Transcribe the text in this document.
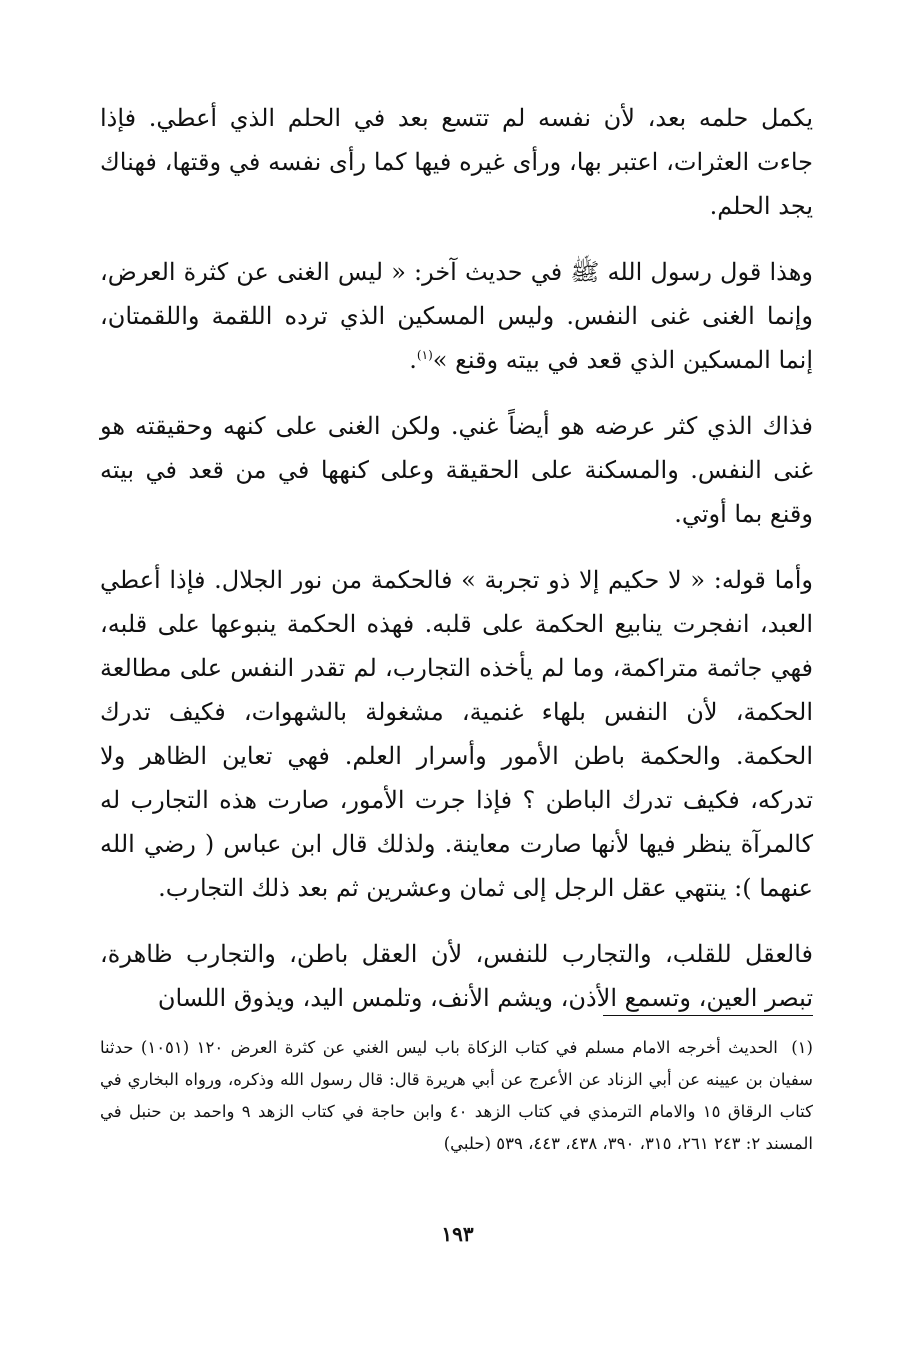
يكمل حلمه بعد، لأن نفسه لم تتسع بعد في الحلم الذي أعطي. فإذا جاءت العثرات، اعتبر بها، ورأى غيره فيها كما رأى نفسه في وقتها، فهناك يجد الحلم.

وهذا قول رسول الله ﷺ في حديث آخر: « ليس الغنى عن كثرة العرض، وإنما الغنى غنى النفس. وليس المسكين الذي ترده اللقمة واللقمتان، إنما المسكين الذي قعد في بيته وقنع »$^{(١)}$.

فذاك الذي كثر عرضه هو أيضاً غني. ولكن الغنى على كنهه وحقيقته هو غنى النفس. والمسكنة على الحقيقة وعلى كنهها في من قعد في بيته وقنع بما أوتي.

وأما قوله: « لا حكيم إلا ذو تجربة » فالحكمة من نور الجلال. فإذا أعطي العبد، انفجرت ينابيع الحكمة على قلبه. فهذه الحكمة ينبوعها على قلبه، فهي جاثمة متراكمة، وما لم يأخذه التجارب، لم تقدر النفس على مطالعة الحكمة، لأن النفس بلهاء غنمية، مشغولة بالشهوات، فكيف تدرك الحكمة. والحكمة باطن الأمور وأسرار العلم. فهي تعاين الظاهر ولا تدركه، فكيف تدرك الباطن ؟ فإذا جرت الأمور، صارت هذه التجارب له كالمرآة ينظر فيها لأنها صارت معاينة. ولذلك قال ابن عباس ( رضي الله عنهما ): ينتهي عقل الرجل إلى ثمان وعشرين ثم بعد ذلك التجارب.

فالعقل للقلب، والتجارب للنفس، لأن العقل باطن، والتجارب ظاهرة، تبصر العين، وتسمع الأذن، ويشم الأنف، وتلمس اليد، ويذوق اللسان

(١) الحديث أخرجه الامام مسلم في كتاب الزكاة باب ليس الغني عن كثرة العرض ١٢٠ (١٠٥١) حدثنا سفيان بن عيينه عن أبي الزناد عن الأعرج عن أبي هريرة قال: قال رسول الله وذكره، ورواه البخاري في كتاب الرقاق ١٥ والامام الترمذي في كتاب الزهد ٤٠ وابن حاجة في كتاب الزهد ٩ واحمد بن حنبل في المسند ٢: ٢٤٣ ٢٦١، ٣١٥، ٣٩٠، ٤٣٨، ٤٤٣، ٥٣٩ (حلبي)
١٩٣
